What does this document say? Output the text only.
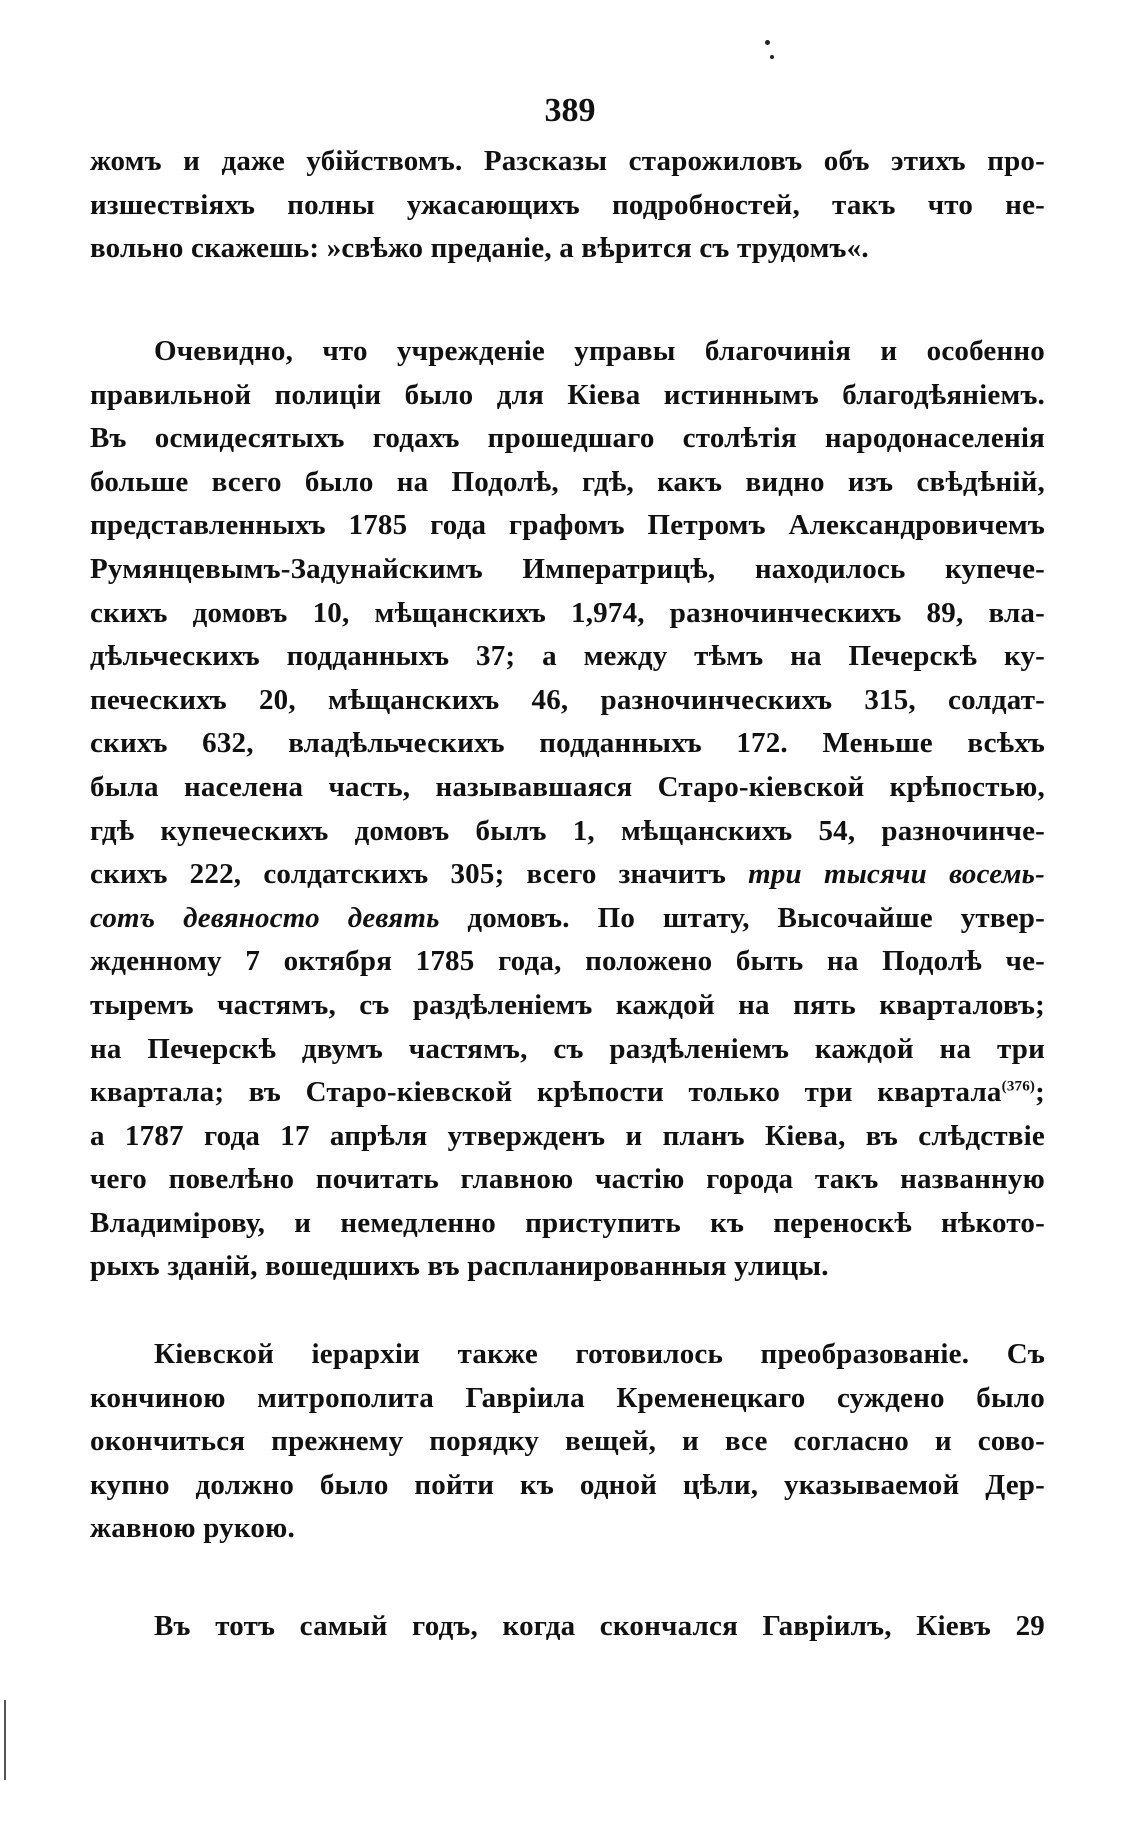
389
жомъ и даже убійствомъ. Разсказы старожиловъ объ этихъ про-
изшествіяхъ полны ужасающихъ подробностей, такъ что не-
вольно скажешь: »свѣжо преданіе, а вѣрится съ трудомъ«.
Очевидно, что учрежденіе управы благочинія и особенно
правильной полиціи было для Кіева истиннымъ благодѣяніемъ.
Въ осмидесятыхъ годахъ прошедшаго столѣтія народонаселенія
больше всего было на Подолѣ, гдѣ, какъ видно изъ свѣдѣній,
представленныхъ 1785 года графомъ Петромъ Александровичемъ
Румянцевымъ-Задунайскимъ Императрицѣ, находилось купече-
скихъ домовъ 10, мѣщанскихъ 1,974, разночинческихъ 89, вла-
дѣльческихъ подданныхъ 37; а между тѣмъ на Печерскѣ ку-
печескихъ 20, мѣщанскихъ 46, разночинческихъ 315, солдат-
скихъ 632, владѣльческихъ подданныхъ 172. Меньше всѣхъ
была населена часть, называвшаяся Старо-кіевской крѣпостью,
гдѣ купеческихъ домовъ былъ 1, мѣщанскихъ 54, разночинче-
скихъ 222, солдатскихъ 305; всего значитъ три тысячи восемь-
сотъ девяносто девять домовъ. По штату, Высочайше утвер-
жденному 7 октября 1785 года, положено быть на Подолѣ че-
тыремъ частямъ, съ раздѣленіемъ каждой на пять кварталовъ;
на Печерскѣ двумъ частямъ, съ раздѣленіемъ каждой на три
квартала; въ Старо-кіевской крѣпости только три квартала$^{(376)}$;
а 1787 года 17 апрѣля утвержденъ и планъ Кіева, въ слѣдствіе
чего повелѣно почитать главною частію города такъ названную
Владимірову, и немедленно приступить къ переноскѣ нѣкото-
рыхъ зданій, вошедшихъ въ распланированныя улицы.
Кіевской іерархіи также готовилось преобразованіе. Съ
кончиною митрополита Гавріила Кременецкаго суждено было
окончиться прежнему порядку вещей, и все согласно и сово-
купно должно было пойти къ одной цѣли, указываемой Дер-
жавною рукою.
Въ тотъ самый годъ, когда скончался Гавріилъ, Кіевъ 29
